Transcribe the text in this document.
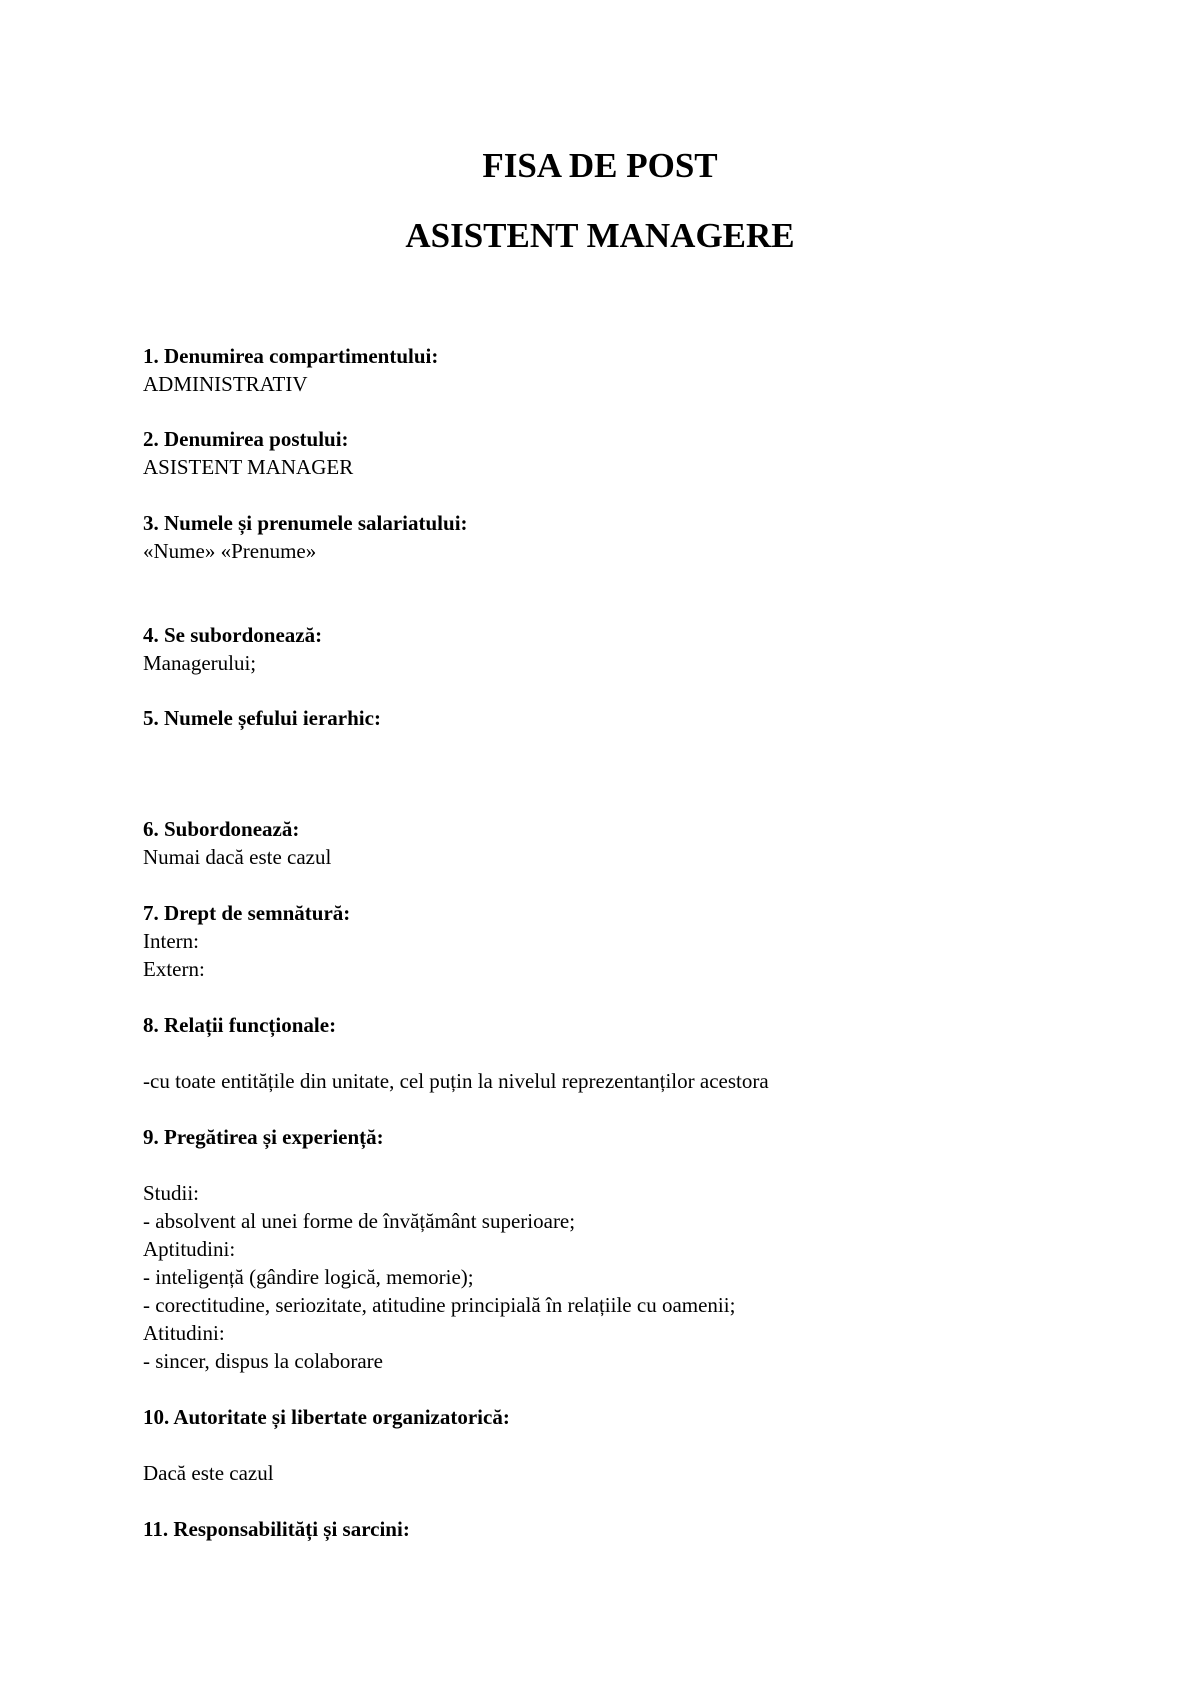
FISA DE POST
ASISTENT MANAGERE
1. Denumirea compartimentului:
ADMINISTRATIV
2. Denumirea postului:
ASISTENT MANAGER
3. Numele și prenumele salariatului:
«Nume» «Prenume»
4. Se subordonează:
Managerului;
5. Numele șefului ierarhic:
6. Subordonează:
Numai dacă este cazul
7. Drept de semnătură:
Intern:
Extern:
8. Relații funcționale:
-cu toate entitățile din unitate, cel puțin la nivelul reprezentanților acestora
9. Pregătirea și experiență:
Studii:
- absolvent al unei forme de învățământ superioare;
Aptitudini:
- inteligență (gândire logică, memorie);
- corectitudine, seriozitate, atitudine principială în relațiile cu oamenii;
Atitudini:
- sincer, dispus la colaborare
10. Autoritate și libertate organizatorică:
Dacă este cazul
11. Responsabilități și sarcini:
